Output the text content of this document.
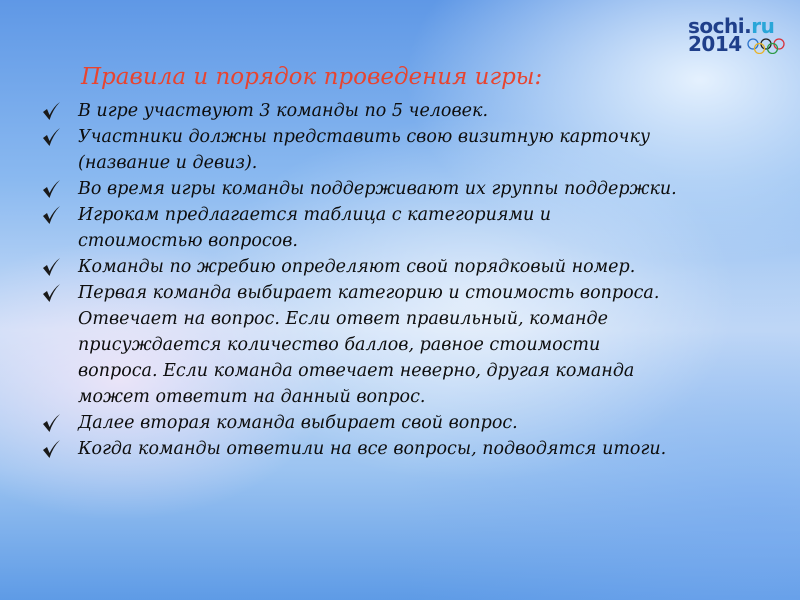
sochi.ru
2014
Правила и порядок проведения игры:
В игре участвуют 3 команды по 5 человек.
Участники должны представить свою визитную карточку (название и девиз).
Во время игры команды поддерживают их группы поддержки.
Игрокам предлагается таблица с категориями и стоимостью вопросов.
Команды по жребию определяют свой порядковый номер.
Первая команда выбирает категорию и стоимость вопроса. Отвечает на вопрос. Если ответ правильный, команде присуждается количество баллов, равное стоимости вопроса. Если команда отвечает неверно, другая команда может ответит на данный вопрос.
Далее вторая команда выбирает свой вопрос.
Когда команды ответили на все вопросы, подводятся итоги.
